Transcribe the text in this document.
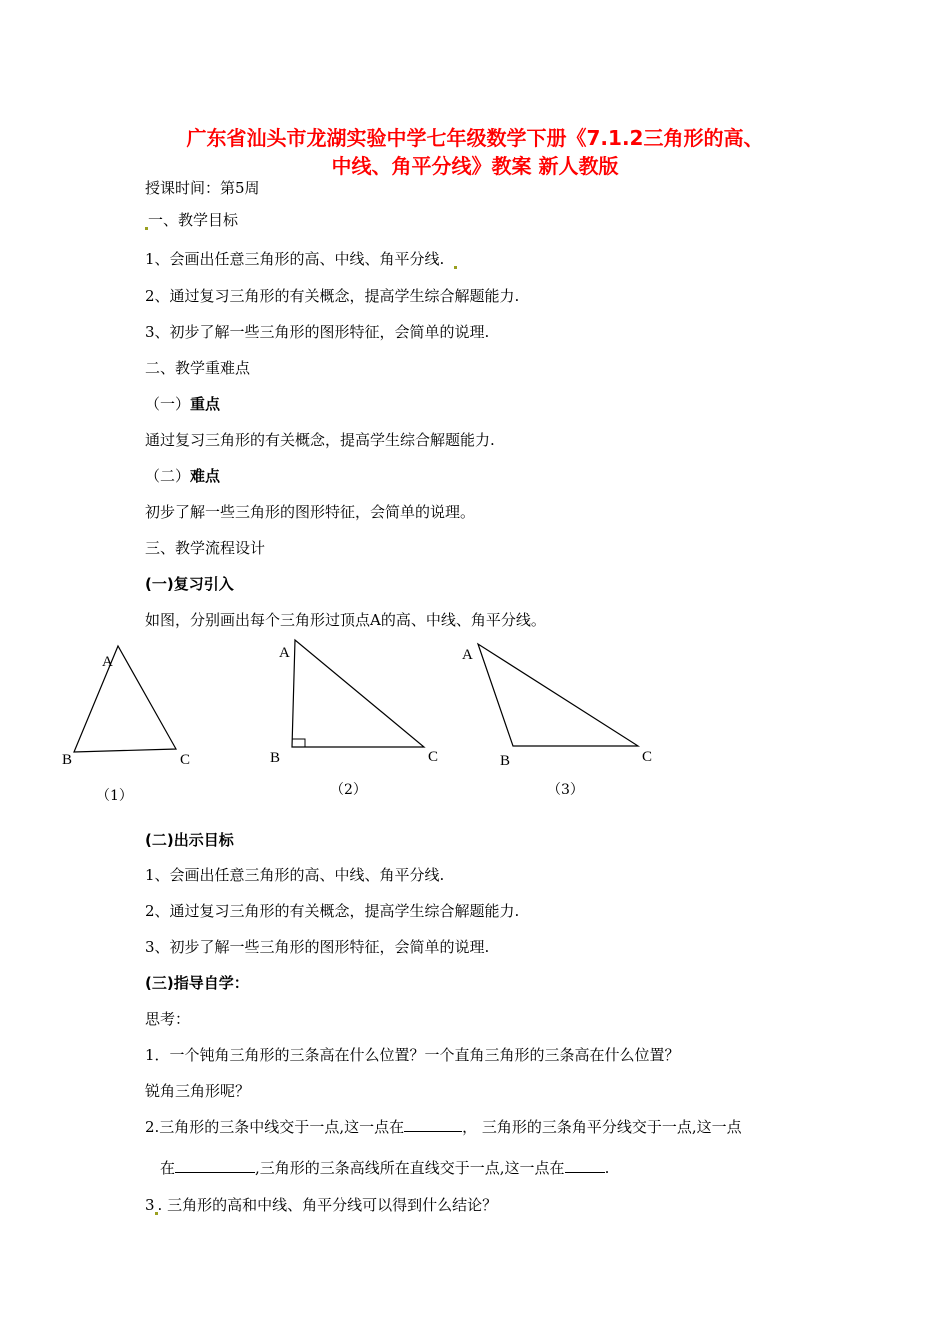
广东省汕头市龙湖实验中学七年级数学下册《7.1.2三角形的高、
中线、角平分线》教案 新人教版
授课时间：第5周
一、教学目标
1、会画出任意三角形的高、中线、角平分线.
2、通过复习三角形的有关概念，提高学生综合解题能力.
3、初步了解一些三角形的图形特征，会简单的说理.
二、教学重难点
（一）重点
通过复习三角形的有关概念，提高学生综合解题能力.
（二）难点
初步了解一些三角形的图形特征，会简单的说理。
三、教学流程设计
(一)复习引入
如图，分别画出每个三角形过顶点A的高、中线、角平分线。
A
B	C
（1）
A
B	C
（2）
A
B	C
（3）
(二)出示目标
1、会画出任意三角形的高、中线、角平分线.
2、通过复习三角形的有关概念，提高学生综合解题能力.
3、初步了解一些三角形的图形特征，会简单的说理.
(三)指导自学：
思考：
1．一个钝角三角形的三条高在什么位置？一个直角三角形的三条高在什么位置？
锐角三角形呢？
2.三角形的三条中线交于一点,这一点在	， 三角形的三条角平分线交于一点,这一点
在	,三角形的三条高线所在直线交于一点,这一点在	.
3 . 三角形的高和中线、角平分线可以得到什么结论？
